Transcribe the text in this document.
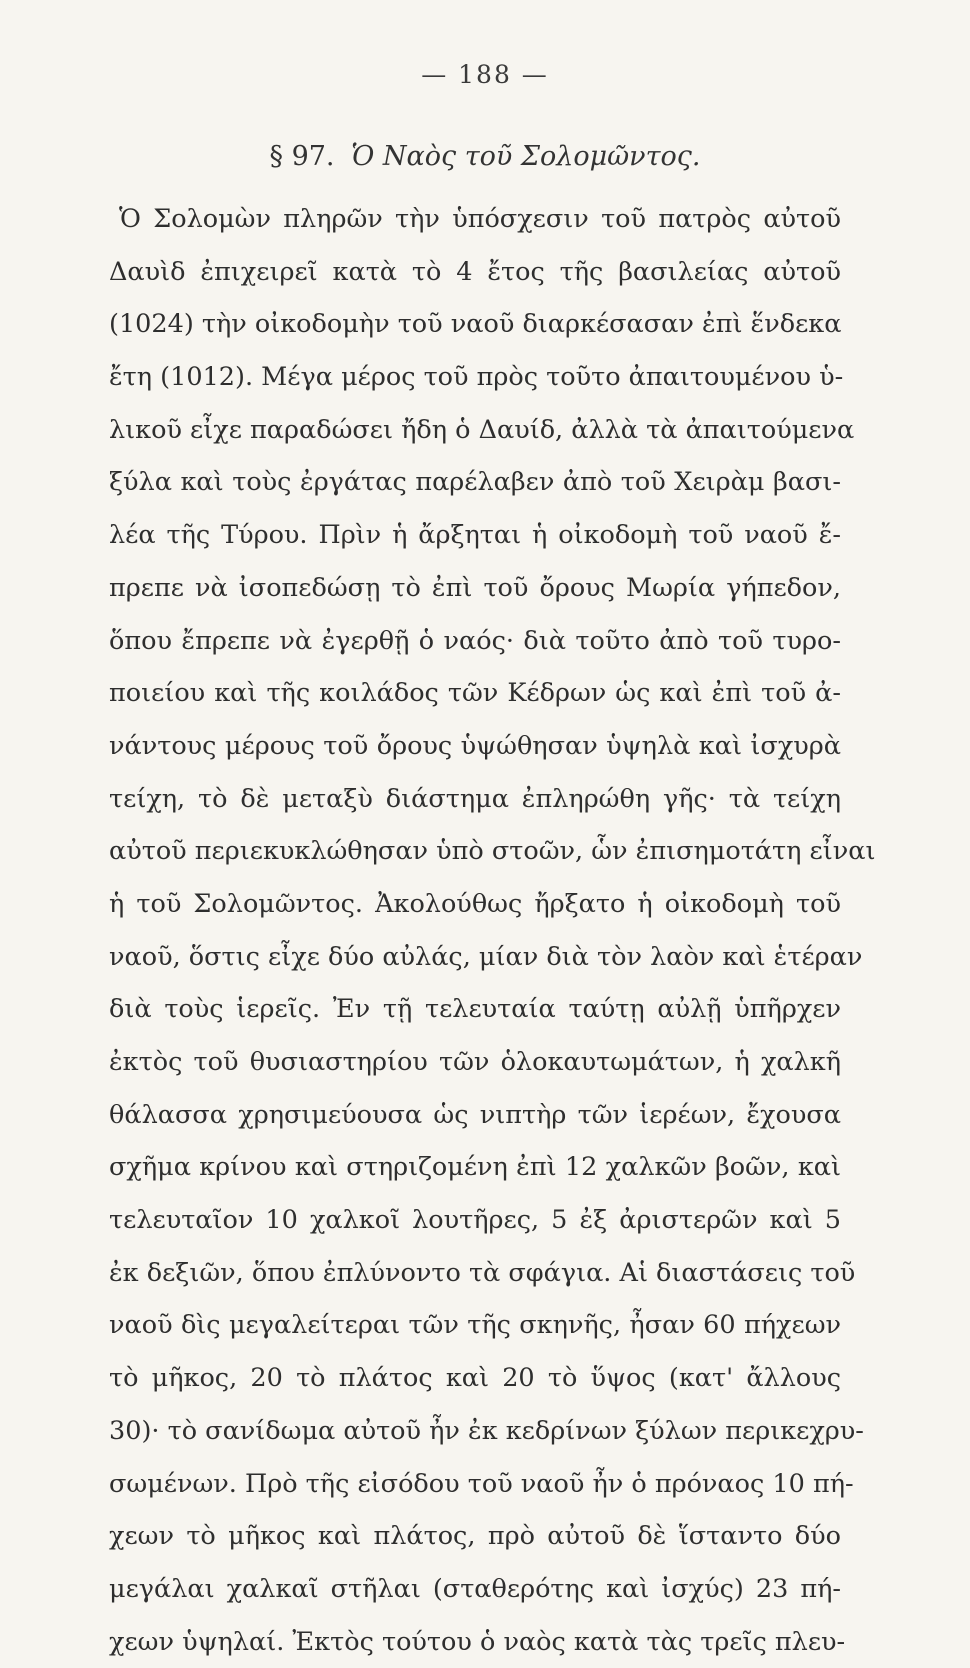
— 188 —
§ 97. Ὁ Ναὸς τοῦ Σολομῶντος.
Ὁ Σολομὼν πληρῶν τὴν ὑπόσχεσιν τοῦ πατρὸς αὐτοῦ
Δαυὶδ ἐπιχειρεῖ κατὰ τὸ 4 ἔτος τῆς βασιλείας αὐτοῦ
(1024) τὴν οἰκοδομὴν τοῦ ναοῦ διαρκέσασαν ἐπὶ ἕνδεκα
ἔτη (1012). Μέγα μέρος τοῦ πρὸς τοῦτο ἀπαιτουμένου ὑ-
λικοῦ εἶχε παραδώσει ἤδη ὁ Δαυίδ, ἀλλὰ τὰ ἀπαιτούμενα
ξύλα καὶ τοὺς ἐργάτας παρέλαβεν ἀπὸ τοῦ Χειρὰμ βασι-
λέα τῆς Τύρου. Πρὶν ἡ ἄρξηται ἡ οἰκοδομὴ τοῦ ναοῦ ἔ-
πρεπε νὰ ἰσοπεδώσῃ τὸ ἐπὶ τοῦ ὄρους Μωρία γήπεδον,
ὅπου ἔπρεπε νὰ ἐγερθῇ ὁ ναός· διὰ τοῦτο ἀπὸ τοῦ τυρο-
ποιείου καὶ τῆς κοιλάδος τῶν Κέδρων ὡς καὶ ἐπὶ τοῦ ἀ-
νάντους μέρους τοῦ ὄρους ὑψώθησαν ὑψηλὰ καὶ ἰσχυρὰ
τείχη, τὸ δὲ μεταξὺ διάστημα ἐπληρώθη γῆς· τὰ τείχη
αὐτοῦ περιεκυκλώθησαν ὑπὸ στοῶν, ὧν ἐπισημοτάτη εἶναι
ἡ τοῦ Σολομῶντος. Ἀκολούθως ἤρξατο ἡ οἰκοδομὴ τοῦ
ναοῦ, ὅστις εἶχε δύο αὐλάς, μίαν διὰ τὸν λαὸν καὶ ἑτέραν
διὰ τοὺς ἱερεῖς. Ἐν τῇ τελευταία ταύτῃ αὐλῇ ὑπῆρχεν
ἐκτὸς τοῦ θυσιαστηρίου τῶν ὁλοκαυτωμάτων, ἡ χαλκῆ
θάλασσα χρησιμεύουσα ὡς νιπτὴρ τῶν ἱερέων, ἔχουσα
σχῆμα κρίνου καὶ στηριζομένη ἐπὶ 12 χαλκῶν βοῶν, καὶ
τελευταῖον 10 χαλκοῖ λουτῆρες, 5 ἐξ ἀριστερῶν καὶ 5
ἐκ δεξιῶν, ὅπου ἐπλύνοντο τὰ σφάγια. Αἱ διαστάσεις τοῦ
ναοῦ δὶς μεγαλείτεραι τῶν τῆς σκηνῆς, ἦσαν 60 πήχεων
τὸ μῆκος, 20 τὸ πλάτος καὶ 20 τὸ ὕψος (κατ' ἄλλους
30)· τὸ σανίδωμα αὐτοῦ ἦν ἐκ κεδρίνων ξύλων περικεχρυ-
σωμένων. Πρὸ τῆς εἰσόδου τοῦ ναοῦ ἦν ὁ πρόναος 10 πή-
χεων τὸ μῆκος καὶ πλάτος, πρὸ αὐτοῦ δὲ ἵσταντο δύο
μεγάλαι χαλκαῖ στῆλαι (σταθερότης καὶ ἰσχύς) 23 πή-
χεων ὑψηλαί. Ἐκτὸς τούτου ὁ ναὸς κατὰ τὰς τρεῖς πλευ-
